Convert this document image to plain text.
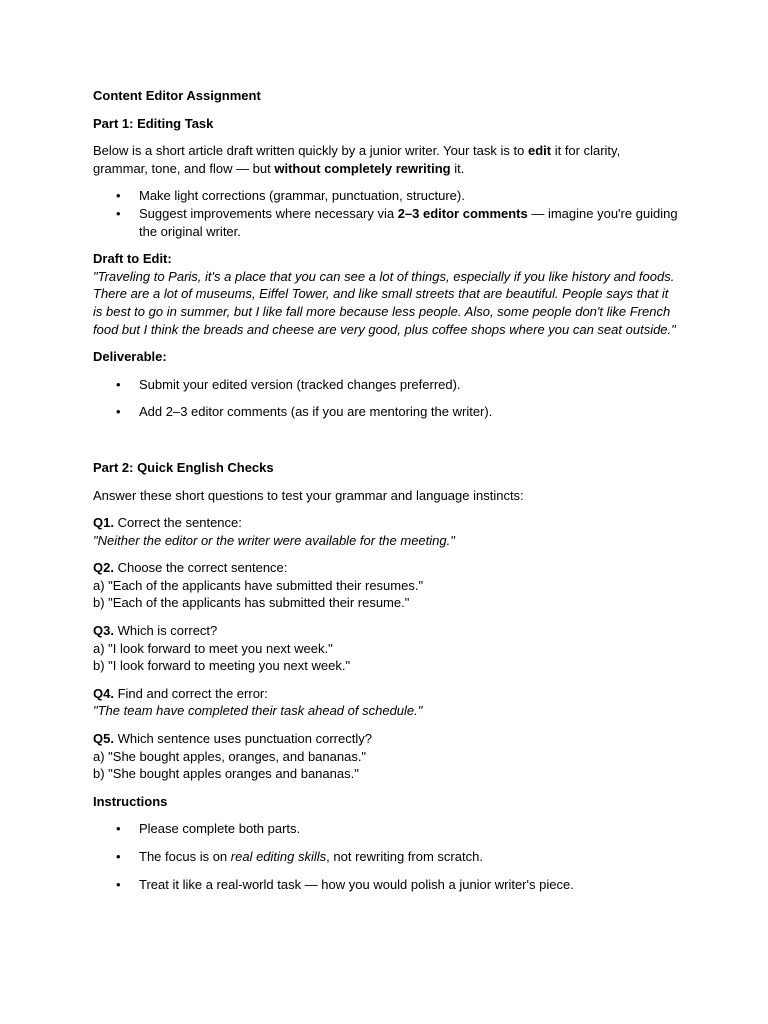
Content Editor Assignment

Part 1: Editing Task

Below is a short article draft written quickly by a junior writer. Your task is to edit it for clarity, grammar, tone, and flow — but without completely rewriting it.

• Make light corrections (grammar, punctuation, structure).
• Suggest improvements where necessary via 2–3 editor comments — imagine you're guiding the original writer.

Draft to Edit:

"Traveling to Paris, it's a place that you can see a lot of things, especially if you like history and foods. There are a lot of museums, Eiffel Tower, and like small streets that are beautiful. People says that it is best to go in summer, but I like fall more because less people. Also, some people don't like French food but I think the breads and cheese are very good, plus coffee shops where you can seat outside."

Deliverable:

• Submit your edited version (tracked changes preferred).
• Add 2–3 editor comments (as if you are mentoring the writer).

Part 2: Quick English Checks

Answer these short questions to test your grammar and language instincts:

Q1. Correct the sentence:

"Neither the editor or the writer were available for the meeting."

Q2. Choose the correct sentence:

a) "Each of the applicants have submitted their resumes."

b) "Each of the applicants has submitted their resume."

Q3. Which is correct?

a) "I look forward to meet you next week."

b) "I look forward to meeting you next week."

Q4. Find and correct the error:

"The team have completed their task ahead of schedule."

Q5. Which sentence uses punctuation correctly?

a) "She bought apples, oranges, and bananas."

b) "She bought apples oranges and bananas."

Instructions

• Please complete both parts.
• The focus is on real editing skills, not rewriting from scratch.
• Treat it like a real-world task — how you would polish a junior writer's piece.
